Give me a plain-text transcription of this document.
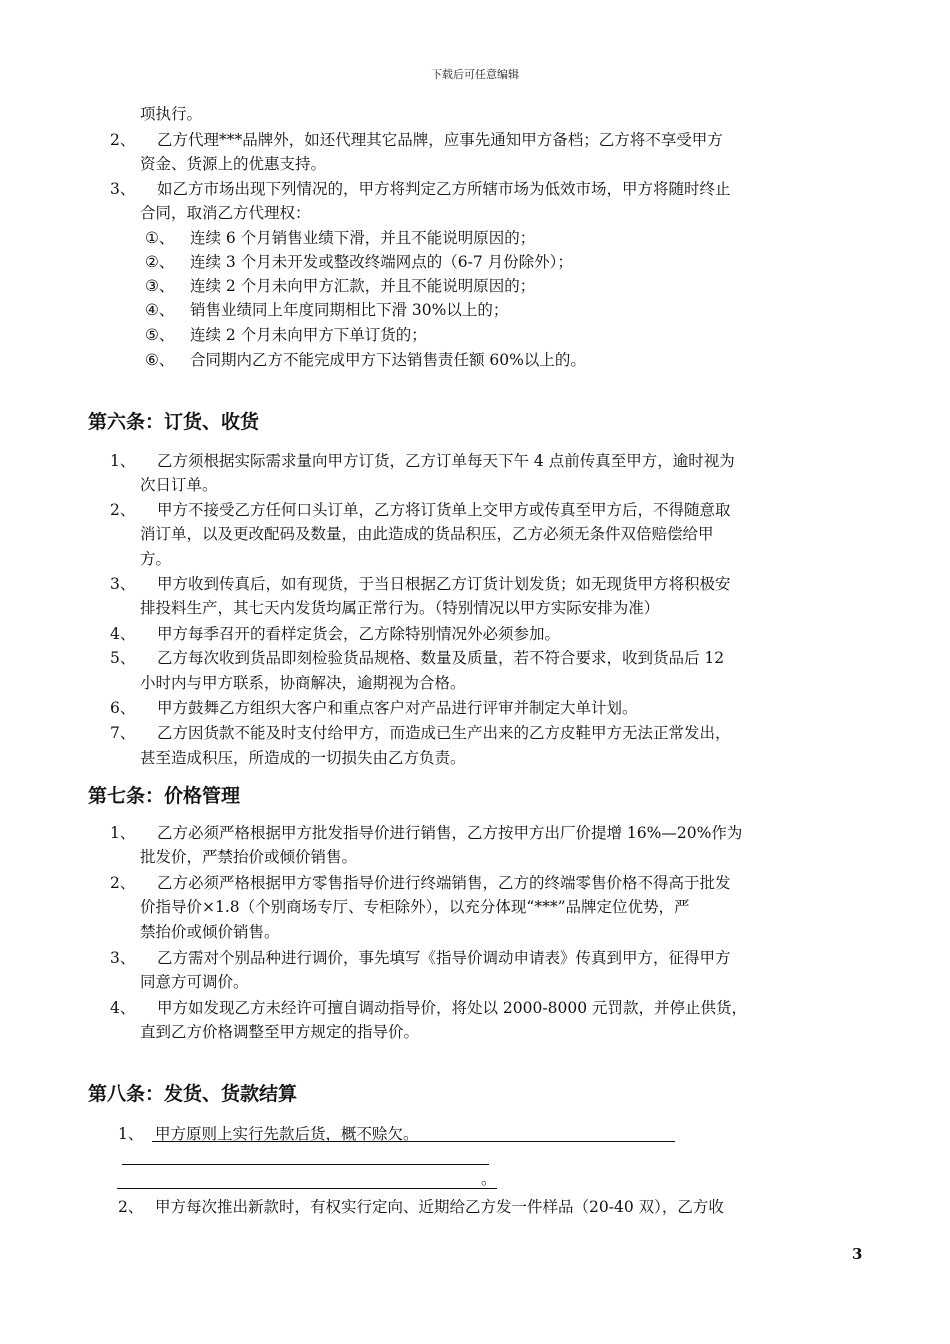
下载后可任意编辑
项执行。
2、 乙方代理***品牌外，如还代理其它品牌，应事先通知甲方备档；乙方将不享受甲方
资金、货源上的优惠支持。
3、 如乙方市场出现下列情况的，甲方将判定乙方所辖市场为低效市场，甲方将随时终止
合同，取消乙方代理权：
①、 连续 6 个月销售业绩下滑，并且不能说明原因的；
②、 连续 3 个月未开发或整改终端网点的（6-7 月份除外）；
③、 连续 2 个月未向甲方汇款，并且不能说明原因的；
④、 销售业绩同上年度同期相比下滑 30%以上的；
⑤、 连续 2 个月未向甲方下单订货的；
⑥、 合同期内乙方不能完成甲方下达销售责任额 60%以上的。
第六条：订货、收货
1、 乙方须根据实际需求量向甲方订货，乙方订单每天下午 4 点前传真至甲方，逾时视为
次日订单。
2、 甲方不接受乙方任何口头订单，乙方将订货单上交甲方或传真至甲方后，不得随意取
消订单，以及更改配码及数量，由此造成的货品积压，乙方必须无条件双倍赔偿给甲
方。
3、 甲方收到传真后，如有现货，于当日根据乙方订货计划发货；如无现货甲方将积极安
排投料生产，其七天内发货均属正常行为。（特别情况以甲方实际安排为准）
4、 甲方每季召开的看样定货会，乙方除特别情况外必须参加。
5、 乙方每次收到货品即刻检验货品规格、数量及质量，若不符合要求，收到货品后 12
小时内与甲方联系，协商解决，逾期视为合格。
6、 甲方鼓舞乙方组织大客户和重点客户对产品进行评审并制定大单计划。
7、 乙方因货款不能及时支付给甲方，而造成已生产出来的乙方皮鞋甲方无法正常发出，
甚至造成积压，所造成的一切损失由乙方负责。
第七条：价格管理
1、 乙方必须严格根据甲方批发指导价进行销售，乙方按甲方出厂价提增 16%—20%作为
批发价，严禁抬价或倾价销售。
2、 乙方必须严格根据甲方零售指导价进行终端销售，乙方的终端零售价格不得高于批发
价指导价×1.8（个别商场专厅、专柜除外），以充分体现“***”品牌定位优势，严
禁抬价或倾价销售。
3、 乙方需对个别品种进行调价，事先填写《指导价调动申请表》传真到甲方，征得甲方
同意方可调价。
4、 甲方如发现乙方未经许可擅自调动指导价，将处以 2000-8000 元罚款，并停止供货，
直到乙方价格调整至甲方规定的指导价。
第八条：发货、货款结算
1、 甲方原则上实行先款后货，概不赊欠。
。
2、 甲方每次推出新款时，有权实行定向、近期给乙方发一件样品（20-40 双），乙方收
3
